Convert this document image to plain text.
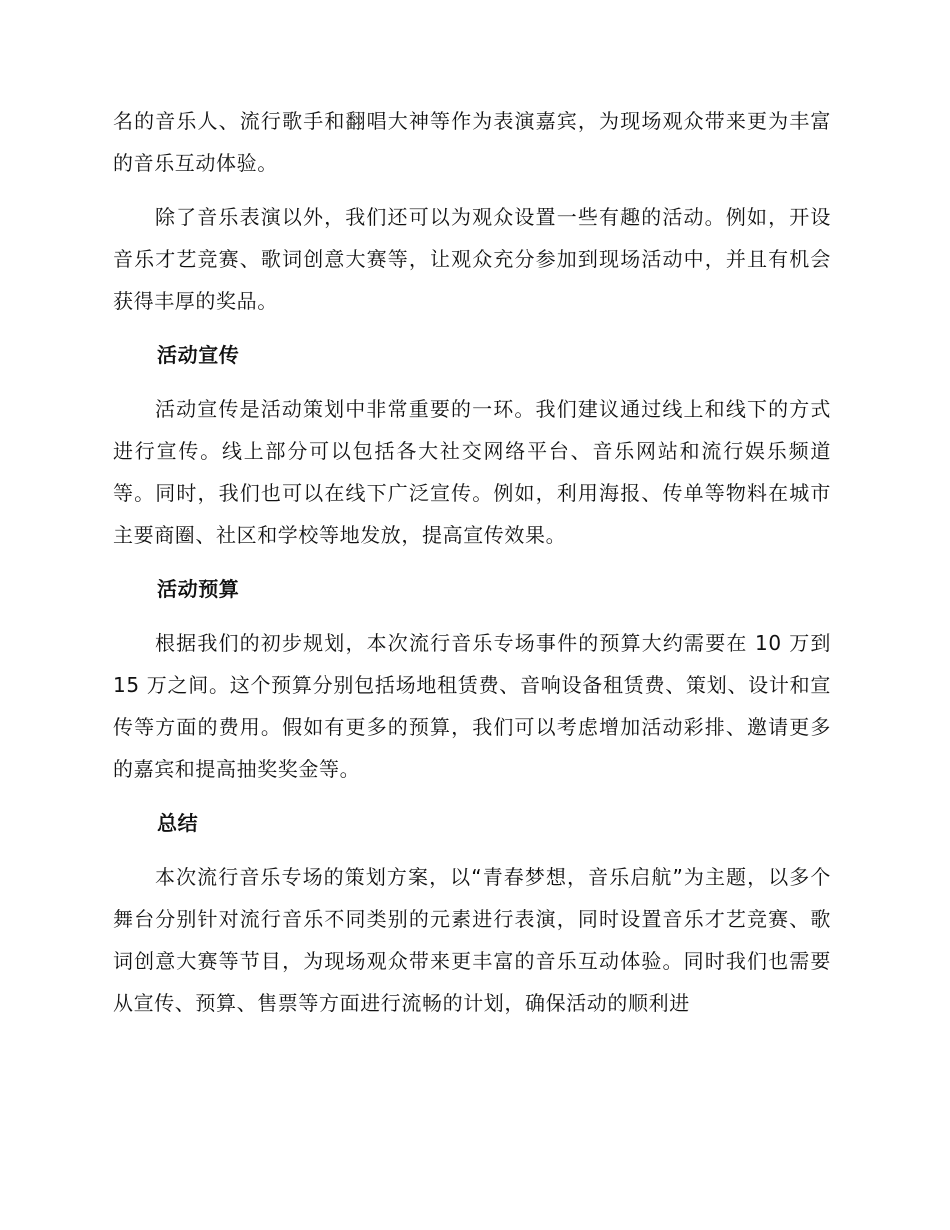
名的音乐人、流行歌手和翻唱大神等作为表演嘉宾，为现场观众带来更为丰富的音乐互动体验。

除了音乐表演以外，我们还可以为观众设置一些有趣的活动。例如，开设音乐才艺竞赛、歌词创意大赛等，让观众充分参加到现场活动中，并且有机会获得丰厚的奖品。

活动宣传

活动宣传是活动策划中非常重要的一环。我们建议通过线上和线下的方式进行宣传。线上部分可以包括各大社交网络平台、音乐网站和流行娱乐频道等。同时，我们也可以在线下广泛宣传。例如，利用海报、传单等物料在城市主要商圈、社区和学校等地发放，提高宣传效果。

活动预算

根据我们的初步规划，本次流行音乐专场事件的预算大约需要在 10 万到 15 万之间。这个预算分别包括场地租赁费、音响设备租赁费、策划、设计和宣传等方面的费用。假如有更多的预算，我们可以考虑增加活动彩排、邀请更多的嘉宾和提高抽奖奖金等。

总结

本次流行音乐专场的策划方案，以“青春梦想，音乐启航”为主题，以多个舞台分别针对流行音乐不同类别的元素进行表演，同时设置音乐才艺竞赛、歌词创意大赛等节目，为现场观众带来更丰富的音乐互动体验。同时我们也需要从宣传、预算、售票等方面进行流畅的计划，确保活动的顺利进
